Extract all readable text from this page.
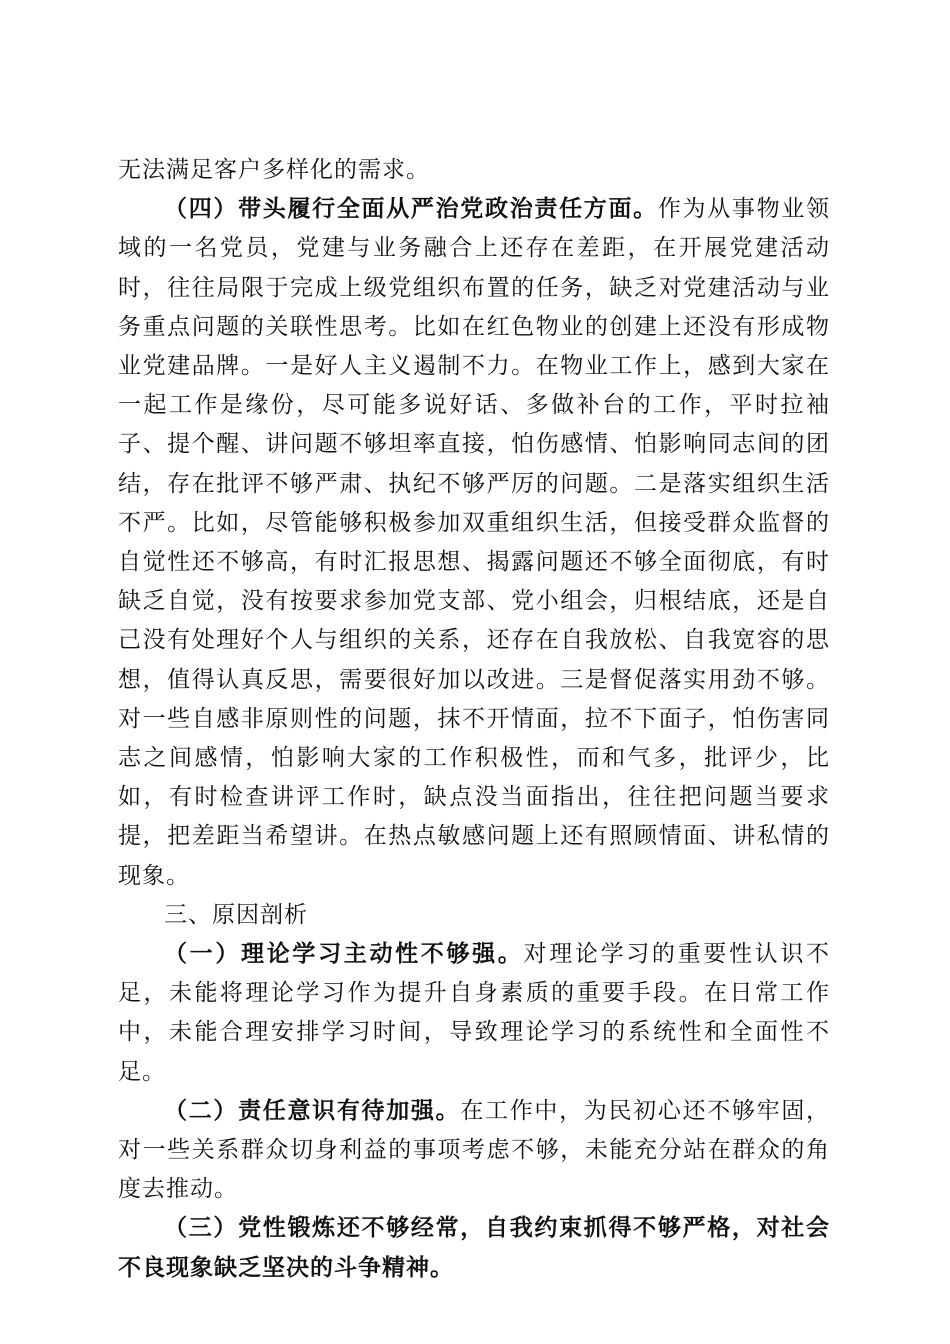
无法满足客户多样化的需求。

（四）带头履行全面从严治党政治责任方面。作为从事物业领域的一名党员，党建与业务融合上还存在差距，在开展党建活动时，往往局限于完成上级党组织布置的任务，缺乏对党建活动与业务重点问题的关联性思考。比如在红色物业的创建上还没有形成物业党建品牌。一是好人主义遏制不力。在物业工作上，感到大家在一起工作是缘份，尽可能多说好话、多做补台的工作，平时拉袖子、提个醒、讲问题不够坦率直接，怕伤感情、怕影响同志间的团结，存在批评不够严肃、执纪不够严厉的问题。二是落实组织生活不严。比如，尽管能够积极参加双重组织生活，但接受群众监督的自觉性还不够高，有时汇报思想、揭露问题还不够全面彻底，有时缺乏自觉，没有按要求参加党支部、党小组会，归根结底，还是自己没有处理好个人与组织的关系，还存在自我放松、自我宽容的思想，值得认真反思，需要很好加以改进。三是督促落实用劲不够。对一些自感非原则性的问题，抹不开情面，拉不下面子，怕伤害同志之间感情，怕影响大家的工作积极性，而和气多，批评少，比如，有时检查讲评工作时，缺点没当面指出，往往把问题当要求提，把差距当希望讲。在热点敏感问题上还有照顾情面、讲私情的现象。

三、原因剖析

（一）理论学习主动性不够强。对理论学习的重要性认识不足，未能将理论学习作为提升自身素质的重要手段。在日常工作中，未能合理安排学习时间，导致理论学习的系统性和全面性不足。

（二）责任意识有待加强。在工作中，为民初心还不够牢固，对一些关系群众切身利益的事项考虑不够，未能充分站在群众的角度去推动。

（三）党性锻炼还不够经常，自我约束抓得不够严格，对社会不良现象缺乏坚决的斗争精神。
